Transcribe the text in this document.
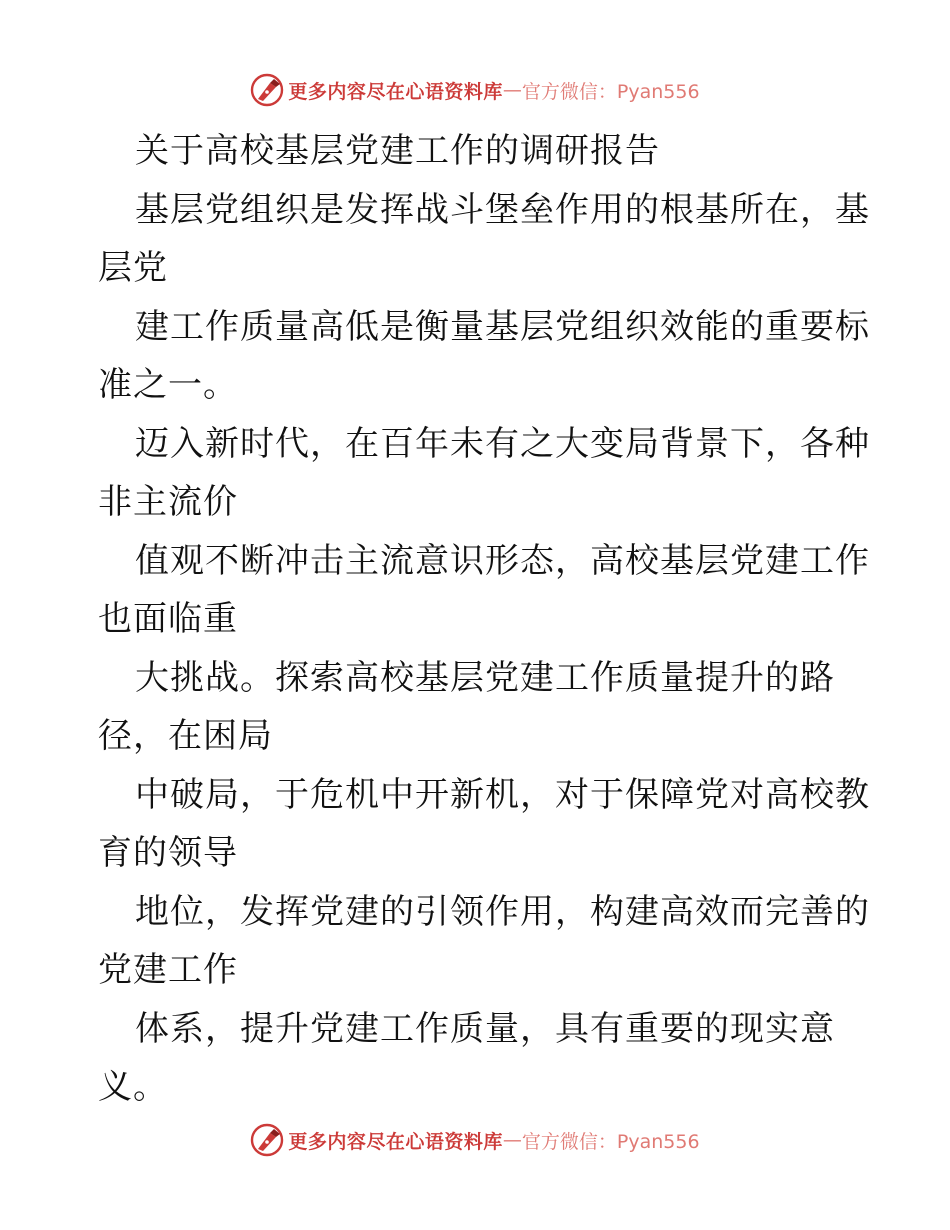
更多内容尽在心语资料库 — 官方微信：Pyan556
关于高校基层党建工作的调研报告
基层党组织是发挥战斗堡垒作用的根基所在，基
层党
建工作质量高低是衡量基层党组织效能的重要标
准之一。
迈入新时代，在百年未有之大变局背景下，各种
非主流价
值观不断冲击主流意识形态，高校基层党建工作
也面临重
大挑战。探索高校基层党建工作质量提升的路
径，在困局
中破局，于危机中开新机，对于保障党对高校教
育的领导
地位，发挥党建的引领作用，构建高效而完善的
党建工作
体系，提升党建工作质量，具有重要的现实意
义。
更多内容尽在心语资料库 — 官方微信：Pyan556
